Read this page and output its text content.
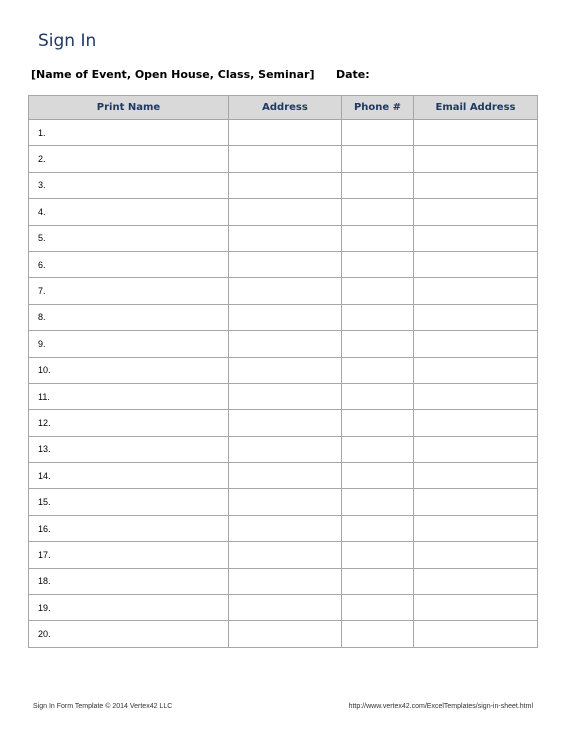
Sign In
[Name of Event, Open House, Class, Seminar] Date:
Print Name	Address	Phone #	Email Address
1.			
2.			
3.			
4.			
5.			
6.			
7.			
8.			
9.			
10.			
11.			
12.			
13.			
14.			
15.			
16.			
17.			
18.			
19.			
20.			
Sign In Form Template © 2014 Vertex42 LLC	http://www.vertex42.com/ExcelTemplates/sign-in-sheet.html
